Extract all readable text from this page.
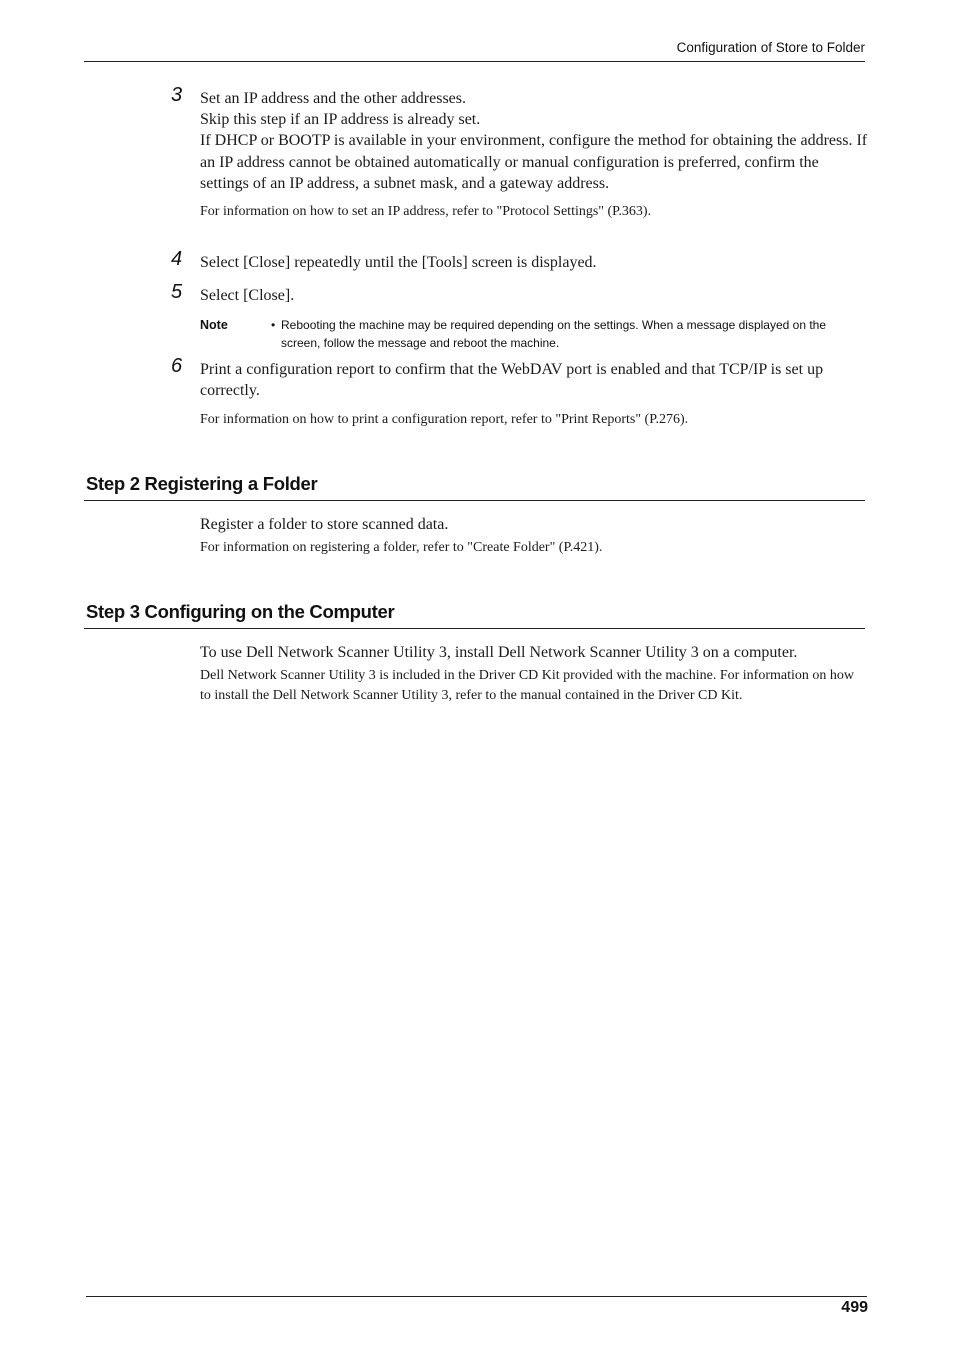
Configuration of Store to Folder
3 Set an IP address and the other addresses.

Skip this step if an IP address is already set.

If DHCP or BOOTP is available in your environment, configure the method for obtaining the address. If an IP address cannot be obtained automatically or manual configuration is preferred, confirm the settings of an IP address, a subnet mask, and a gateway address.

For information on how to set an IP address, refer to "Protocol Settings" (P.363).
4 Select [Close] repeatedly until the [Tools] screen is displayed.
5 Select [Close].
Note	• Rebooting the machine may be required depending on the settings. When a message displayed on the screen, follow the message and reboot the machine.
6 Print a configuration report to confirm that the WebDAV port is enabled and that TCP/IP is set up correctly.
For information on how to print a configuration report, refer to "Print Reports" (P.276).
Step 2 Registering a Folder
Register a folder to store scanned data.
For information on registering a folder, refer to "Create Folder" (P.421).
Step 3 Configuring on the Computer
To use Dell Network Scanner Utility 3, install Dell Network Scanner Utility 3 on a computer.
Dell Network Scanner Utility 3 is included in the Driver CD Kit provided with the machine. For information on how to install the Dell Network Scanner Utility 3, refer to the manual contained in the Driver CD Kit.
499
